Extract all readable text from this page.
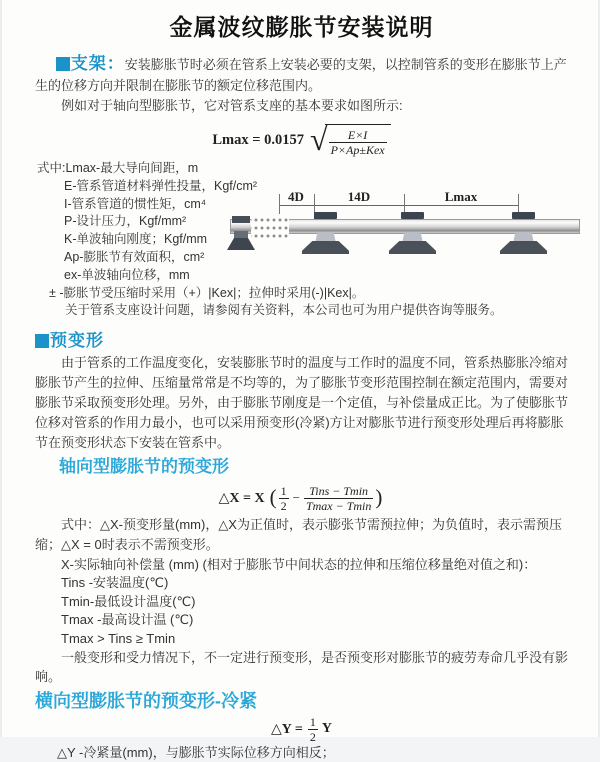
金属波纹膨胀节安装说明

支架：安装膨胀节时必须在管系上安装必要的支架，以控制管系的变形在膨胀节上产生的位移方向并限制在膨胀节的额定位移范围内。

例如对于轴向型膨胀节，它对管系支座的基本要求如图所示:

Lmax = 0.0157 √ $\frac{E\times I}{\text{P×Ap±Kex}}$
式中:Lmax-最大导向间距，m
E-管系管道材料弹性投量，Kgf/cm²
I-管系管道的惯性矩，cm⁴
P-设计压力，Kgf/mm²
K-单波轴向刚度；Kgf/mm
Ap-膨胀节有效面积，cm²
ex-单波轴向位移，mm
± -膨胀节受压缩时采用（+）|Kex|；拉伸时采用(-)|Kex|。
关于管系支座设计问题，请参阅有关资料，本公司也可为用户提供咨询等服务。
4D	14D	Lmax

预变形

由于管系的工作温度变化，安装膨胀节时的温度与工作时的温度不同，管系热膨胀冷缩对膨胀节产生的拉伸、压缩量常常是不均等的，为了膨胀节变形范围控制在额定范围内，需要对膨胀节采取预变形处理。另外，由于膨胀节刚度是一个定值，与补偿量成正比。为了使膨胀节位移对管系的作用力最小，也可以采用预变形(冷紧)方让对膨胀节进行预变形处理后再将膨胀节在预变形状态下安装在管系中。

轴向型膨胀节的预变形
△X = X ( $\frac{1}{2} - \frac{\text{Tins − Tmin}}{Tmax - Tmin}$ )

式中：△X-预变形量(mm)，△X为正值时，表示膨张节需预拉伸；为负值时，表示需预压缩；△X = 0时表示不需预变形。

X-实际轴向补偿量 (mm) (相对于膨胀节中间状态的拉伸和压缩位移量绝对值之和)：

Tins -安装温度(℃)

Tmin-最低设计温度(℃)

Tmax -最高设计温 (℃)

Tmax > Tins ≥ Tmin

一般变形和受力情况下，不一定进行预变形，是否预变形对膨胀节的疲劳寿命几乎没有影响。

横向型膨胀节的预变形-冷紧
△Y = $\frac{1}{2}$ Y

△Y -冷紧量(mm)，与膨胀节实际位移方向相反；
